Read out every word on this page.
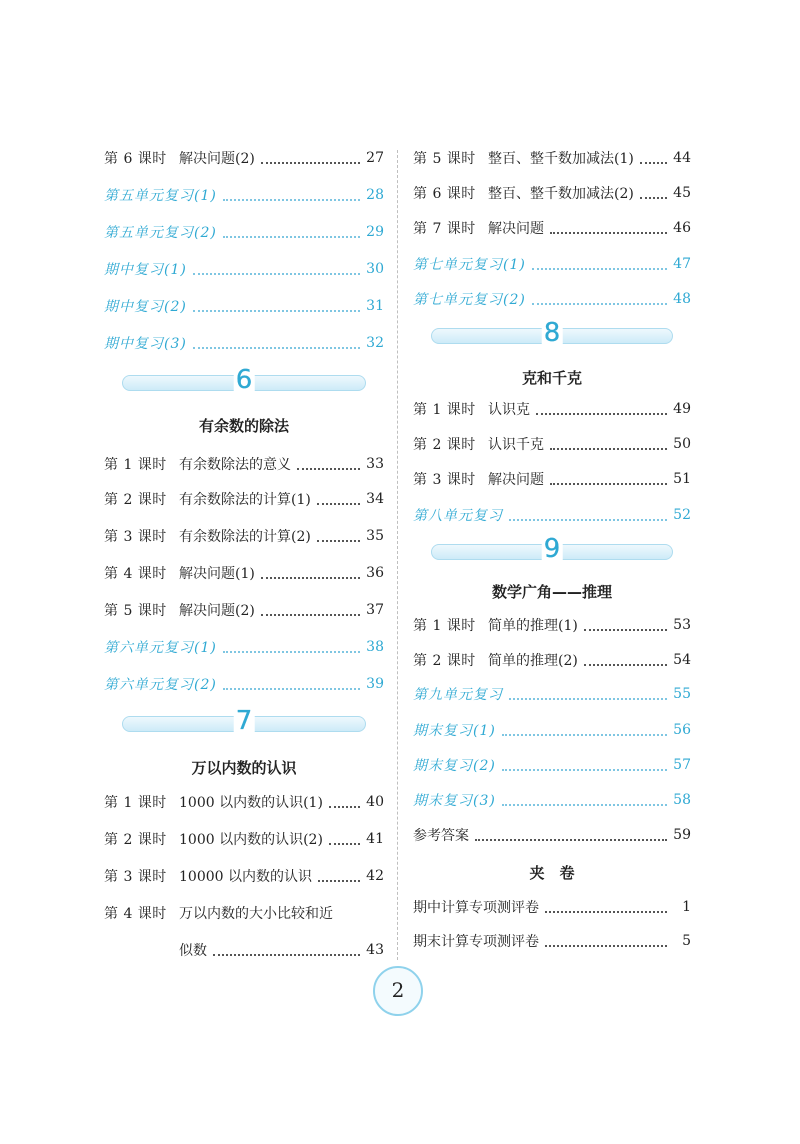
第 6 课时 解决问题(2)	27
第五单元复习(1)	28
第五单元复习(2)	29
期中复习(1)	30
期中复习(2)	31
期中复习(3)	32
6
有余数的除法
第 1 课时 有余数除法的意义	33
第 2 课时 有余数除法的计算(1)	34
第 3 课时 有余数除法的计算(2)	35
第 4 课时 解决问题(1)	36
第 5 课时 解决问题(2)	37
第六单元复习(1)	38
第六单元复习(2)	39
7
万以内数的认识
第 1 课时 1000 以内数的认识(1)	40
第 2 课时 1000 以内数的认识(2)	41
第 3 课时 10000 以内数的认识	42
第 4 课时 万以内数的大小比较和近
似数	43
第 5 课时 整百、整千数加减法(1)	44
第 6 课时 整百、整千数加减法(2)	45
第 7 课时 解决问题	46
第七单元复习(1)	47
第七单元复习(2)	48
8
克和千克
第 1 课时 认识克	49
第 2 课时 认识千克	50
第 3 课时 解决问题	51
第八单元复习	52
9
数学广角——推理
第 1 课时 简单的推理(1)	53
第 2 课时 简单的推理(2)	54
第九单元复习	55
期末复习(1)	56
期末复习(2)	57
期末复习(3)	58
参考答案	59
夹　卷
期中计算专项测评卷	1
期末计算专项测评卷	5
2
